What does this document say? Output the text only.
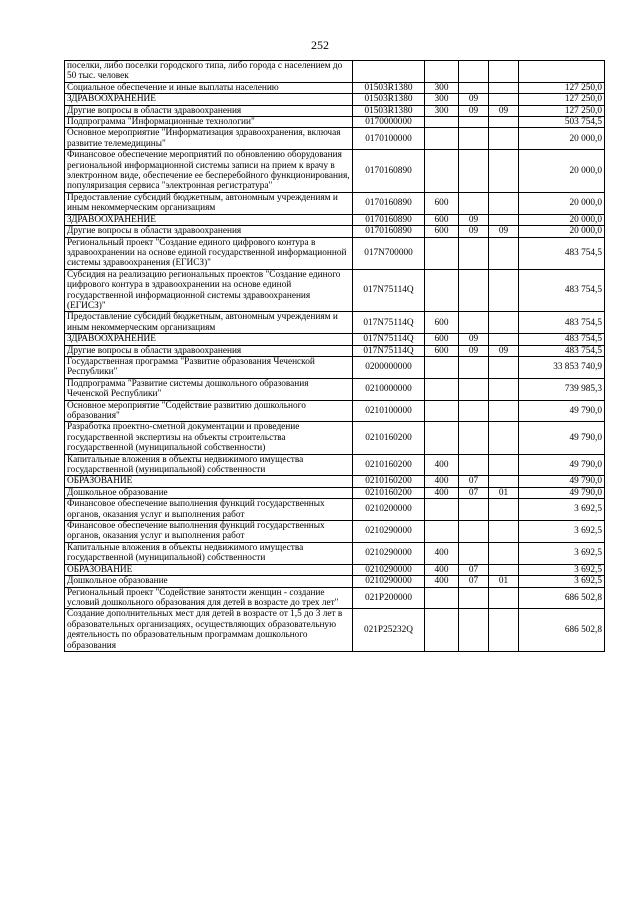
252
поселки, либо поселки городского типа, либо города с населением до 50 тыс. человек					
Социальное обеспечение и иные выплаты населению	01503R1380	300			127 250,0
ЗДРАВООХРАНЕНИЕ	01503R1380	300	09		127 250,0
Другие вопросы в области здравоохранения	01503R1380	300	09	09	127 250,0
Подпрограмма "Информационные технологии"	0170000000				503 754,5
Основное мероприятие "Информатизация здравоохранения, включая развитие телемедицины"	0170100000				20 000,0
Финансовое обеспечение мероприятий по обновлению оборудования региональной информационной системы записи на прием к врачу в электронном виде, обеспечение ее бесперебойного функционирования, популяризация сервиса "электронная регистратура"	0170160890				20 000,0
Предоставление субсидий бюджетным, автономным учреждениям и иным некоммерческим организациям	0170160890	600			20 000,0
ЗДРАВООХРАНЕНИЕ	0170160890	600	09		20 000,0
Другие вопросы в области здравоохранения	0170160890	600	09	09	20 000,0
Региональный проект "Создание единого цифрового контура в здравоохранении на основе единой государственной информационной системы здравоохранения (ЕГИСЗ)"	017N700000				483 754,5
Субсидия на реализацию региональных проектов "Создание единого цифрового контура в здравоохранении на основе единой государственной информационной системы здравоохранения (ЕГИСЗ)"	017N75114Q				483 754,5
Предоставление субсидий бюджетным, автономным учреждениям и иным некоммерческим организациям	017N75114Q	600			483 754,5
ЗДРАВООХРАНЕНИЕ	017N75114Q	600	09		483 754,5
Другие вопросы в области здравоохранения	017N75114Q	600	09	09	483 754,5
Государственная программа "Развитие образования Чеченской Республики"	0200000000				33 853 740,9
Подпрограмма "Развитие системы дошкольного образования Чеченской Республики"	0210000000				739 985,3
Основное мероприятие "Содействие развитию дошкольного образования"	0210100000				49 790,0
Разработка проектно-сметной документации и проведение государственной экспертизы на объекты строительства государственной (муниципальной собственности)	0210160200				49 790,0
Капитальные вложения в объекты недвижимого имущества государственной (муниципальной) собственности	0210160200	400			49 790,0
ОБРАЗОВАНИЕ	0210160200	400	07		49 790,0
Дошкольное образование	0210160200	400	07	01	49 790,0
Финансовое обеспечение выполнения функций государственных органов, оказания услуг и выполнения работ	0210200000				3 692,5
Финансовое обеспечение выполнения функций государственных органов, оказания услуг и выполнения работ	0210290000				3 692,5
Капитальные вложения в объекты недвижимого имущества государственной (муниципальной) собственности	0210290000	400			3 692,5
ОБРАЗОВАНИЕ	0210290000	400	07		3 692,5
Дошкольное образование	0210290000	400	07	01	3 692,5
Региональный проект "Содействие занятости женщин - создание условий дошкольного образования для детей в возрасте до трех лет"	021P200000				686 502,8
Создание дополнительных мест для детей в возрасте от 1,5 до 3 лет в образовательных организациях, осуществляющих образовательную деятельность по образовательным программам дошкольного образования	021P25232Q				686 502,8
